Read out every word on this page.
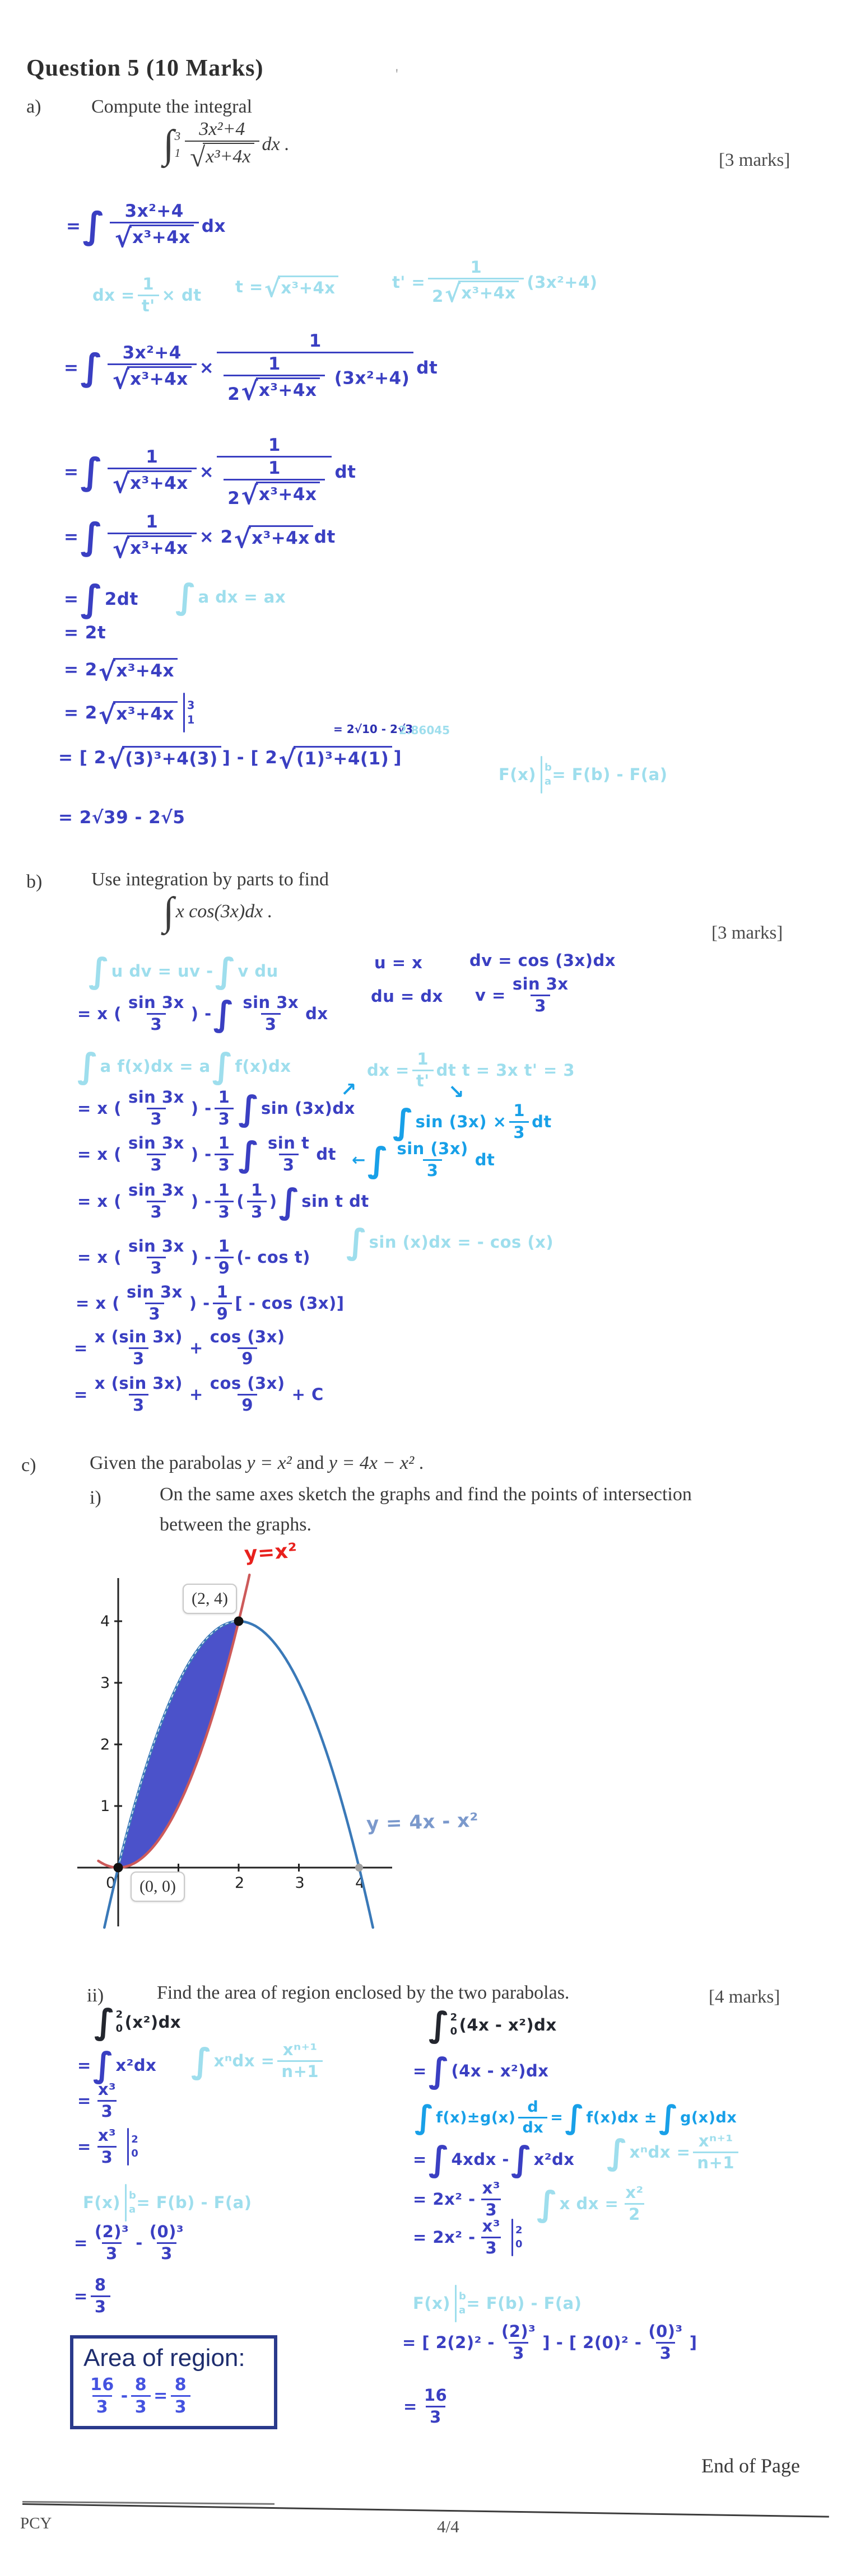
Question 5 (10 Marks)	'
a)	Compute the integral
∫ 3
1
3x²+4
√ x³+4x
dx .
[3 marks]
= ∫ 3x²+4
√ x³+4x
dx
dx =
1
t'
× dt t = √ x³+4x	t' =
1
2 √ x³+4x
(3x²+4)
= ∫ 3x²+4
√ x³+4x
×
1
$\frac{1}{\text{2 √ x³+4x}} (3x^2+4)$
dt
= ∫ 1
√ x³+4x
×
1
$\frac{1}{\text{2 √ x³+4x}}$ dt
= ∫ 1
√ x³+4x
× 2 √ x³+4x dt
= ∫ 2dt ∫ a dx = ax
= 2t
= 2 √ x³+4x
= 2 √ x³+4x	3
1
= 2√10 - 2√3
2.86045
= [ 2 √ (3)³+4(3) ] - [ 2 √ (1)³+4(1) ]
F(x) b
a = F(b) - F(a)
= 2√39 - 2√5
b)	Use integration by parts to find
∫ x cos(3x)dx .
[3 marks]
∫ u dv = uv - ∫ v du	u = x	dv = cos (3x)dx
du = dx v =
sin 3x
3
= x (
sin 3x
3
) - ∫ sin 3x
3
dx
∫ a f(x)dx = a ∫ f(x)dx	dx =
1
t'
dt t = 3x t' = 3
↗	↘
= x (
sin 3x
3
) -
1
3 ∫ sin (3x)dx ∫ sin (3x) ×
1
3
dt
= x (
sin 3x
3
) -
1
3 ∫ sin t
3
dt ← ∫ sin (3x)
3
dt
= x (
sin 3x
3
) -
1
3
(
1
3
) ∫ sin t dt
∫ sin (x)dx = - cos (x)
= x (
sin 3x
3
) -
1
9
(- cos t)
= x (
sin 3x
3
) -
1
9
[ - cos (3x)]
=
x (sin 3x)
3
+
cos (3x)
9
=
x (sin 3x)
3
+
cos (3x)
9
+ C
c)	Given the parabolas y = x² and y = 4x − x² .
i)	On the same axes sketch the graphs and find the points of intersection
between the graphs.
2	3	4
1
2
3
4
0
y=x²
y = 4x - x²
(2, 4)
(0, 0)
ii)	Find the area of region enclosed by the two parabolas.	[4 marks]
∫ 2
0 (x²)dx
= ∫ x²dx ∫ xⁿdx =
xⁿ⁺¹
n+1
=
x³
3
=
x³
3
2
0
F(x) b
a = F(b) - F(a)
=
(2)³
3
-
(0)³
3
=
8
3
∫ 2
0 (4x - x²)dx
= ∫ (4x - x²)dx
∫ f(x)±g(x)
d
dx
= ∫ f(x)dx ± ∫ g(x)dx
= ∫ 4xdx - ∫ x²dx ∫ xⁿdx =
xⁿ⁺¹
n+1
= 2x² -
x³
3 ∫ x dx =
x²
2
= 2x² -
x³
3
2
0
F(x) b
a = F(b) - F(a)
= [ 2(2)² -
(2)³
3
] - [ 2(0)² -
(0)³
3
]
=
16
3
Area of region:
16
3
-
8
3
=
8
3
End of Page
PCY	4/4
